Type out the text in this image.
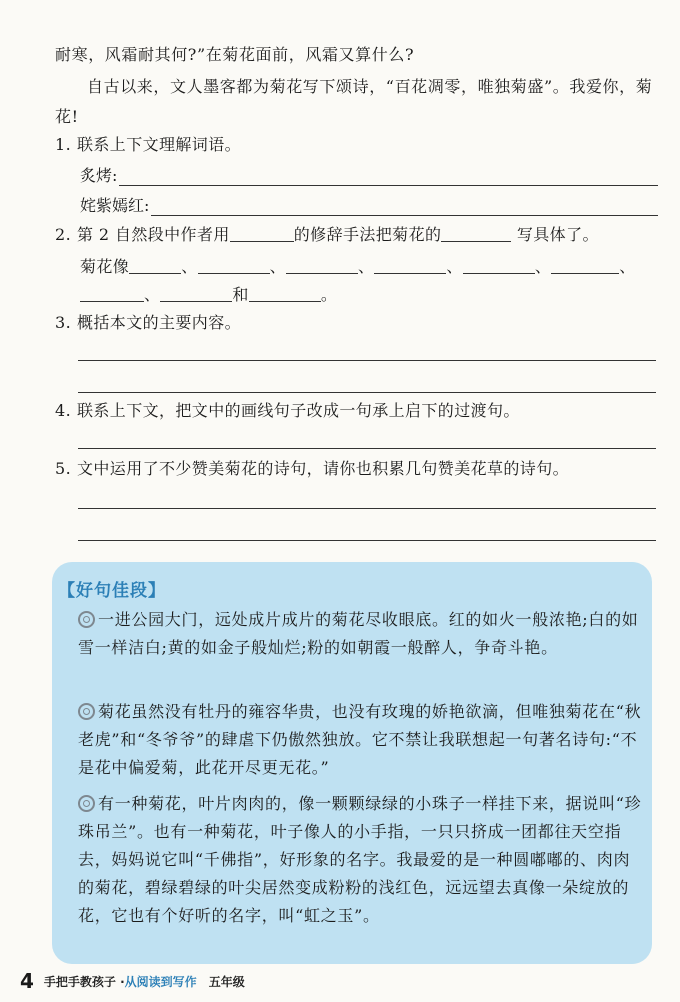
耐寒，风霜耐其何?”在菊花面前，风霜又算什么?

自古以来，文人墨客都为菊花写下颂诗，“百花凋零，唯独菊盛”。我爱你，菊花!

1. 联系上下文理解词语。
炙烤:
姹紫嫣红:
2. 第 2 自然段中作者用	的修辞手法把菊花的	写具体了。
菊花像	、	、	、	、	、	、
、	和	。
3. 概括本文的主要内容。
4. 联系上下文，把文中的画线句子改成一句承上启下的过渡句。
5. 文中运用了不少赞美菊花的诗句，请你也积累几句赞美花草的诗句。
【好句佳段】

一进公园大门，远处成片成片的菊花尽收眼底。红的如火一般浓艳;白的如雪一样洁白;黄的如金子般灿烂;粉的如朝霞一般醉人，争奇斗艳。

菊花虽然没有牡丹的雍容华贵，也没有玫瑰的娇艳欲滴，但唯独菊花在“秋老虎”和“冬爷爷”的肆虐下仍傲然独放。它不禁让我联想起一句著名诗句:“不是花中偏爱菊，此花开尽更无花。”

有一种菊花，叶片肉肉的，像一颗颗绿绿的小珠子一样挂下来，据说叫“珍珠吊兰”。也有一种菊花，叶子像人的小手指，一只只挤成一团都往天空指去，妈妈说它叫“千佛指”，好形象的名字。我最爱的是一种圆嘟嘟的、肉肉的菊花，碧绿碧绿的叶尖居然变成粉粉的浅红色，远远望去真像一朵绽放的花，它也有个好听的名字，叫“虹之玉”。

4 手把手教孩子 · 从阅读到写作 五年级
